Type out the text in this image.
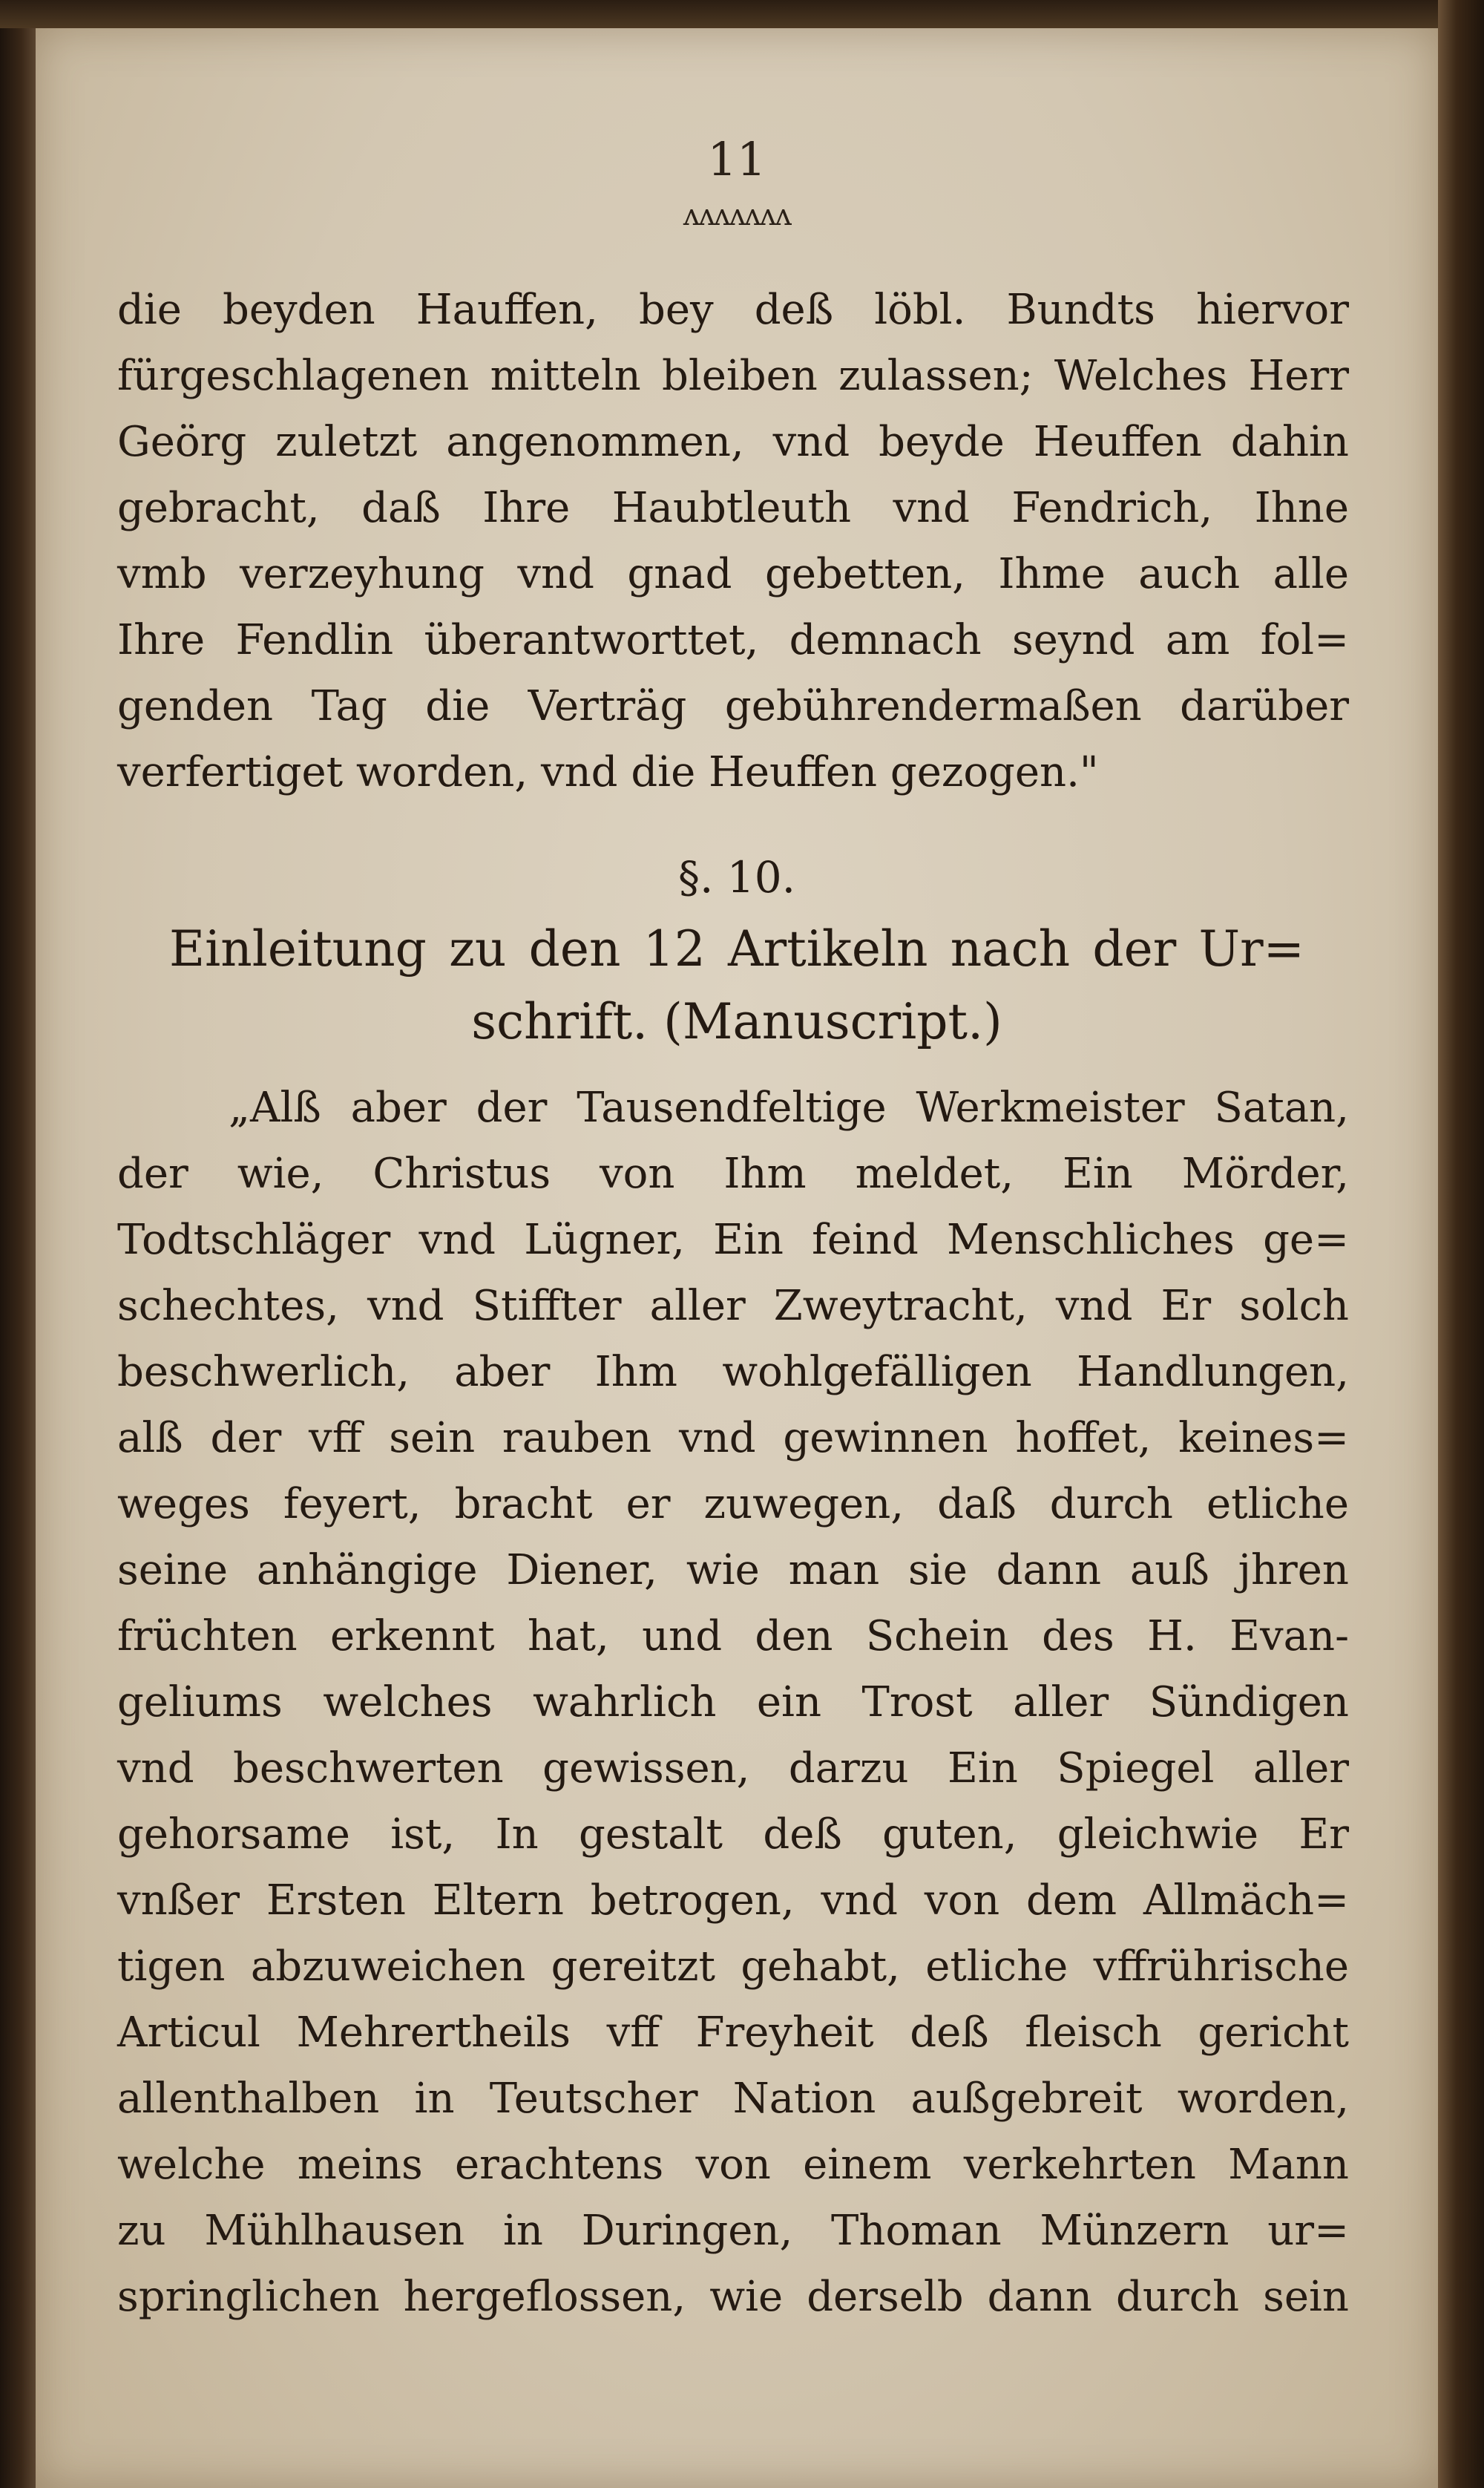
11
ʌʌʌʌʌʌʌ
die beyden Hauffen, bey deß löbl. Bundts hiervor
fürgeschlagenen mitteln bleiben zulassen; Welches Herr
Geörg zuletzt angenommen, vnd beyde Heuffen dahin
gebracht, daß Ihre Haubtleuth vnd Fendrich, Ihne
vmb verzeyhung vnd gnad gebetten, Ihme auch alle
Ihre Fendlin überantworttet, demnach seynd am fol=
genden Tag die Verträg gebührendermaßen darüber
verfertiget worden, vnd die Heuffen gezogen."
§. 10.
Einleitung zu den 12 Artikeln nach der Ur=
schrift. (Manuscript.)
„Alß aber der Tausendfeltige Werkmeister Satan,
der wie, Christus von Ihm meldet, Ein Mörder,
Todtschläger vnd Lügner, Ein feind Menschliches ge=
schechtes, vnd Stiffter aller Zweytracht, vnd Er solch
beschwerlich, aber Ihm wohlgefälligen Handlungen,
alß der vff sein rauben vnd gewinnen hoffet, keines=
weges feyert, bracht er zuwegen, daß durch etliche
seine anhängige Diener, wie man sie dann auß jhren
früchten erkennt hat, und den Schein des H. Evan-
geliums welches wahrlich ein Trost aller Sündigen
vnd beschwerten gewissen, darzu Ein Spiegel aller
gehorsame ist, In gestalt deß guten, gleichwie Er
vnßer Ersten Eltern betrogen, vnd von dem Allmäch=
tigen abzuweichen gereitzt gehabt, etliche vffrührische
Articul Mehrertheils vff Freyheit deß fleisch gericht
allenthalben in Teutscher Nation außgebreit worden,
welche meins erachtens von einem verkehrten Mann
zu Mühlhausen in Duringen, Thoman Münzern ur=
springlichen hergeflossen, wie derselb dann durch sein
